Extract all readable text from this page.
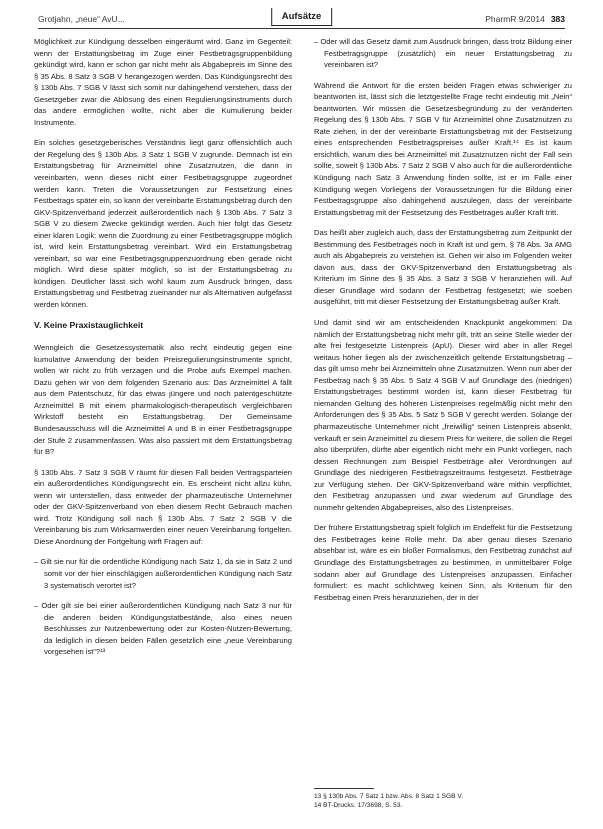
Grotjahn, „neue“ AvU...	Aufsätze	PharmR 9/2014 383
Möglichkeit zur Kündigung desselben eingeräumt wird. Ganz im Gegenteil: wenn der Erstattungsbetrag im Zuge einer Festbetragsgruppenbildung gekündigt wird, kann er schon gar nicht mehr als Abgabepreis im Sinne des § 35 Abs. 8 Satz 3 SGB V herangezogen werden. Das Kündigungsrecht des § 130b Abs. 7 SGB V lässt sich somit nur dahingehend verstehen, dass der Gesetzgeber zwar die Ablösung des einen Regulierungsinstruments durch das andere ermöglichen wollte, nicht aber die Kumulierung beider Instrumente.
Ein solches gesetzgeberisches Verständnis liegt ganz offensichtlich auch der Regelung des § 130b Abs. 3 Satz 1 SGB V zugrunde. Demnach ist ein Erstattungsbetrag für Arzneimittel ohne Zusatznutzen, die dann in vereinbarten, wenn dieses nicht einer Festbetragsgruppe zugeordnet werden kann. Treten die Voraussetzungen zur Festsetzung eines Festbetrags später ein, so kann der vereinbarte Erstattungsbetrag durch den GKV-Spitzenverband jederzeit außerordentlich nach § 130b Abs. 7 Satz 3 SGB V zu diesem Zwecke gekündigt werden. Auch hier folgt das Gesetz einer klaren Logik: wenn die Zuordnung zu einer Festbetragsgruppe möglich ist, wird kein Erstattungsbetrag vereinbart. Wird ein Erstattungsbetrag vereinbart, so war eine Festbetragsgruppenzuordnung eben gerade nicht möglich. Wird diese später möglich, so ist der Erstattungsbetrag zu kündigen. Deutlicher lässt sich wohl kaum zum Ausdruck bringen, dass Erstattungsbetrag und Festbetrag zueinander nur als Alternativen aufgefasst werden können.
V. Keine Praxistauglichkeit
Wenngleich die Gesetzessystematik also recht eindeutig gegen eine kumulative Anwendung der beiden Preisregulierungsinstrumente spricht, wollen wir nicht zu früh verzagen und die Probe aufs Exempel machen. Dazu gehen wir von dem folgenden Szenario aus: Das Arzneimittel A fällt aus dem Patentschutz, für das etwas jüngere und noch patentgeschützte Arzneimittel B mit einem pharmakologisch-therapeutisch vergleichbaren Wirkstoff besteht ein Erstattungsbetrag. Der Gemeinsame Bundesausschuss will die Arzneimittel A und B in einer Festbetragsgruppe der Stufe 2 zusammenfassen. Was also passiert mit dem Erstattungsbetrag für B?
§ 130b Abs. 7 Satz 3 SGB V räumt für diesen Fall beiden Vertragsparteien ein außerordentliches Kündigungsrecht ein. Es erscheint nicht allzu kühn, wenn wir unterstellen, dass entweder der pharmazeutische Unternehmer oder der GKV-Spitzenverband von eben diesem Recht Gebrauch machen wird. Trotz Kündigung soll nach § 130b Abs. 7 Satz 2 SGB V die Vereinbarung bis zum Wirksamwerden einer neuen Vereinbarung fortgelten. Diese Anordnung der Fortgeltung wirft Fragen auf:
– Gilt sie nur für die ordentliche Kündigung nach Satz 1, da sie in Satz 2 und somit vor der hier einschlägigen außerordentlichen Kündigung nach Satz 3 systematisch verortet ist?
– Oder gilt sie bei einer außerordentlichen Kündigung nach Satz 3 nur für die anderen beiden Kündigungstatbestände, also eines neuen Beschlusses zur Nutzenbewertung oder zur Kosten-Nutzen-Bewertung, da lediglich in diesen beiden Fällen gesetzlich eine „neue Vereinbarung vorgesehen ist“?¹³
– Oder will das Gesetz damit zum Ausdruck bringen, dass trotz Bildung einer Festbetragsgruppe (zusätzlich) ein neuer Erstattungsbetrag zu vereinbaren ist?
Während die Antwort für die ersten beiden Fragen etwas schwieriger zu beantworten ist, lässt sich die letztgestellte Frage recht eindeutig mit „Nein“ beantworten. Wir müssen die Gesetzesbegründung zu der veränderten Regelung des § 130b Abs. 7 SGB V für Arzneimittel ohne Zusatznutzen zu Rate ziehen, in der der vereinbarte Erstattungsbetrag mit der Festsetzung eines entsprechenden Festbetragspreises außer Kraft.¹⁴ Es ist kaum ersichtlich, warum dies bei Arzneimittel mit Zusatznutzen nicht der Fall sein sollte, soweit § 130b Abs. 7 Satz 2 SGB V also auch für die außerordentliche Kündigung nach Satz 3 Anwendung finden sollte, ist er im Falle einer Kündigung wegen Vorliegens der Voraussetzungen für die Bildung einer Festbetragsgruppe also dahingehend auszulegen, dass der vereinbarte Erstattungsbetrag mit der Festsetzung des Festbetrages außer Kraft tritt.
Das heißt aber zugleich auch, dass der Erstattungsbetrag zum Zeitpunkt der Bestimmung des Festbetrages noch in Kraft ist und gem. § 78 Abs. 3a AMG auch als Abgabepreis zu verstehen ist. Gehen wir also im Folgenden weiter davon aus, dass der GKV-Spitzenverband den Erstattungsbetrag als Kriterium im Sinne des § 35 Abs. 3 Satz 3 SGB V heranziehen will. Auf dieser Grundlage wird sodann der Festbetrag festgesetzt; wie soeben ausgeführt, tritt mit dieser Festsetzung der Erstattungsbetrag außer Kraft.
Und damit sind wir am entscheidenden Knackpunkt angekommen: Da nämlich der Erstattungsbetrag nicht mehr gilt, tritt an seine Stelle wieder der alte frei festgesetzte Listenpreis (ApU). Dieser wird aber in aller Regel weitaus höher liegen als der zwischenzeitlich geltende Erstattungsbetrag – das gilt umso mehr bei Arzneimitteln ohne Zusatznutzen. Wenn nun aber der Festbetrag nach § 35 Abs. 5 Satz 4 SGB V auf Grundlage des (niedrigen) Erstattungsbetrages bestimmt worden ist, kann dieser Festbetrag für niemanden Geltung des höheren Listenpreises regelmäßig nicht mehr den Anforderungen des § 35 Abs. 5 Satz 5 SGB V gerecht werden. Solange der pharmazeutische Unternehmer nicht „freiwillig“ seinen Listenpreis absenkt, verkauft er sein Arzneimittel zu diesem Preis für weitere, die sollen die Regel also überprüfen, dürfte aber eigentlich nicht mehr ein Punkt vorliegen, nach dessen Rechnungen zum Beispiel Festbeträge aller Verordnungen auf Grundlage des niedrigeren Festbetragszeitraums festgesetzt. Festbeträge zur Verfügung stehen. Der GKV-Spitzenverband wäre mithin verpflichtet, den Festbetrag anzupassen und zwar wiederum auf Grundlage des nunmehr geltenden Abgabepreises, also des Listenpreises.
Der frühere Erstattungsbetrag spielt folglich im Endeffekt für die Festsetzung des Festbetrages keine Rolle mehr. Da aber genau dieses Szenario absehbar ist, wäre es ein bloßer Formalismus, den Festbetrag zunächst auf Grundlage des Erstattungsbetrages zu bestimmen, in unmittelbarer Folge sodann aber auf Grundlage des Listenpreises anzupassen. Einfacher formuliert: es macht schlichtweg keinen Sinn, als Kriterium für den Festbetrag einen Preis heranzuziehen, der in der
13 § 130b Abs. 7 Satz 1 bzw. Abs. 8 Satz 1 SGB V.
14 BT-Drucks. 17/3698, S. 53.
